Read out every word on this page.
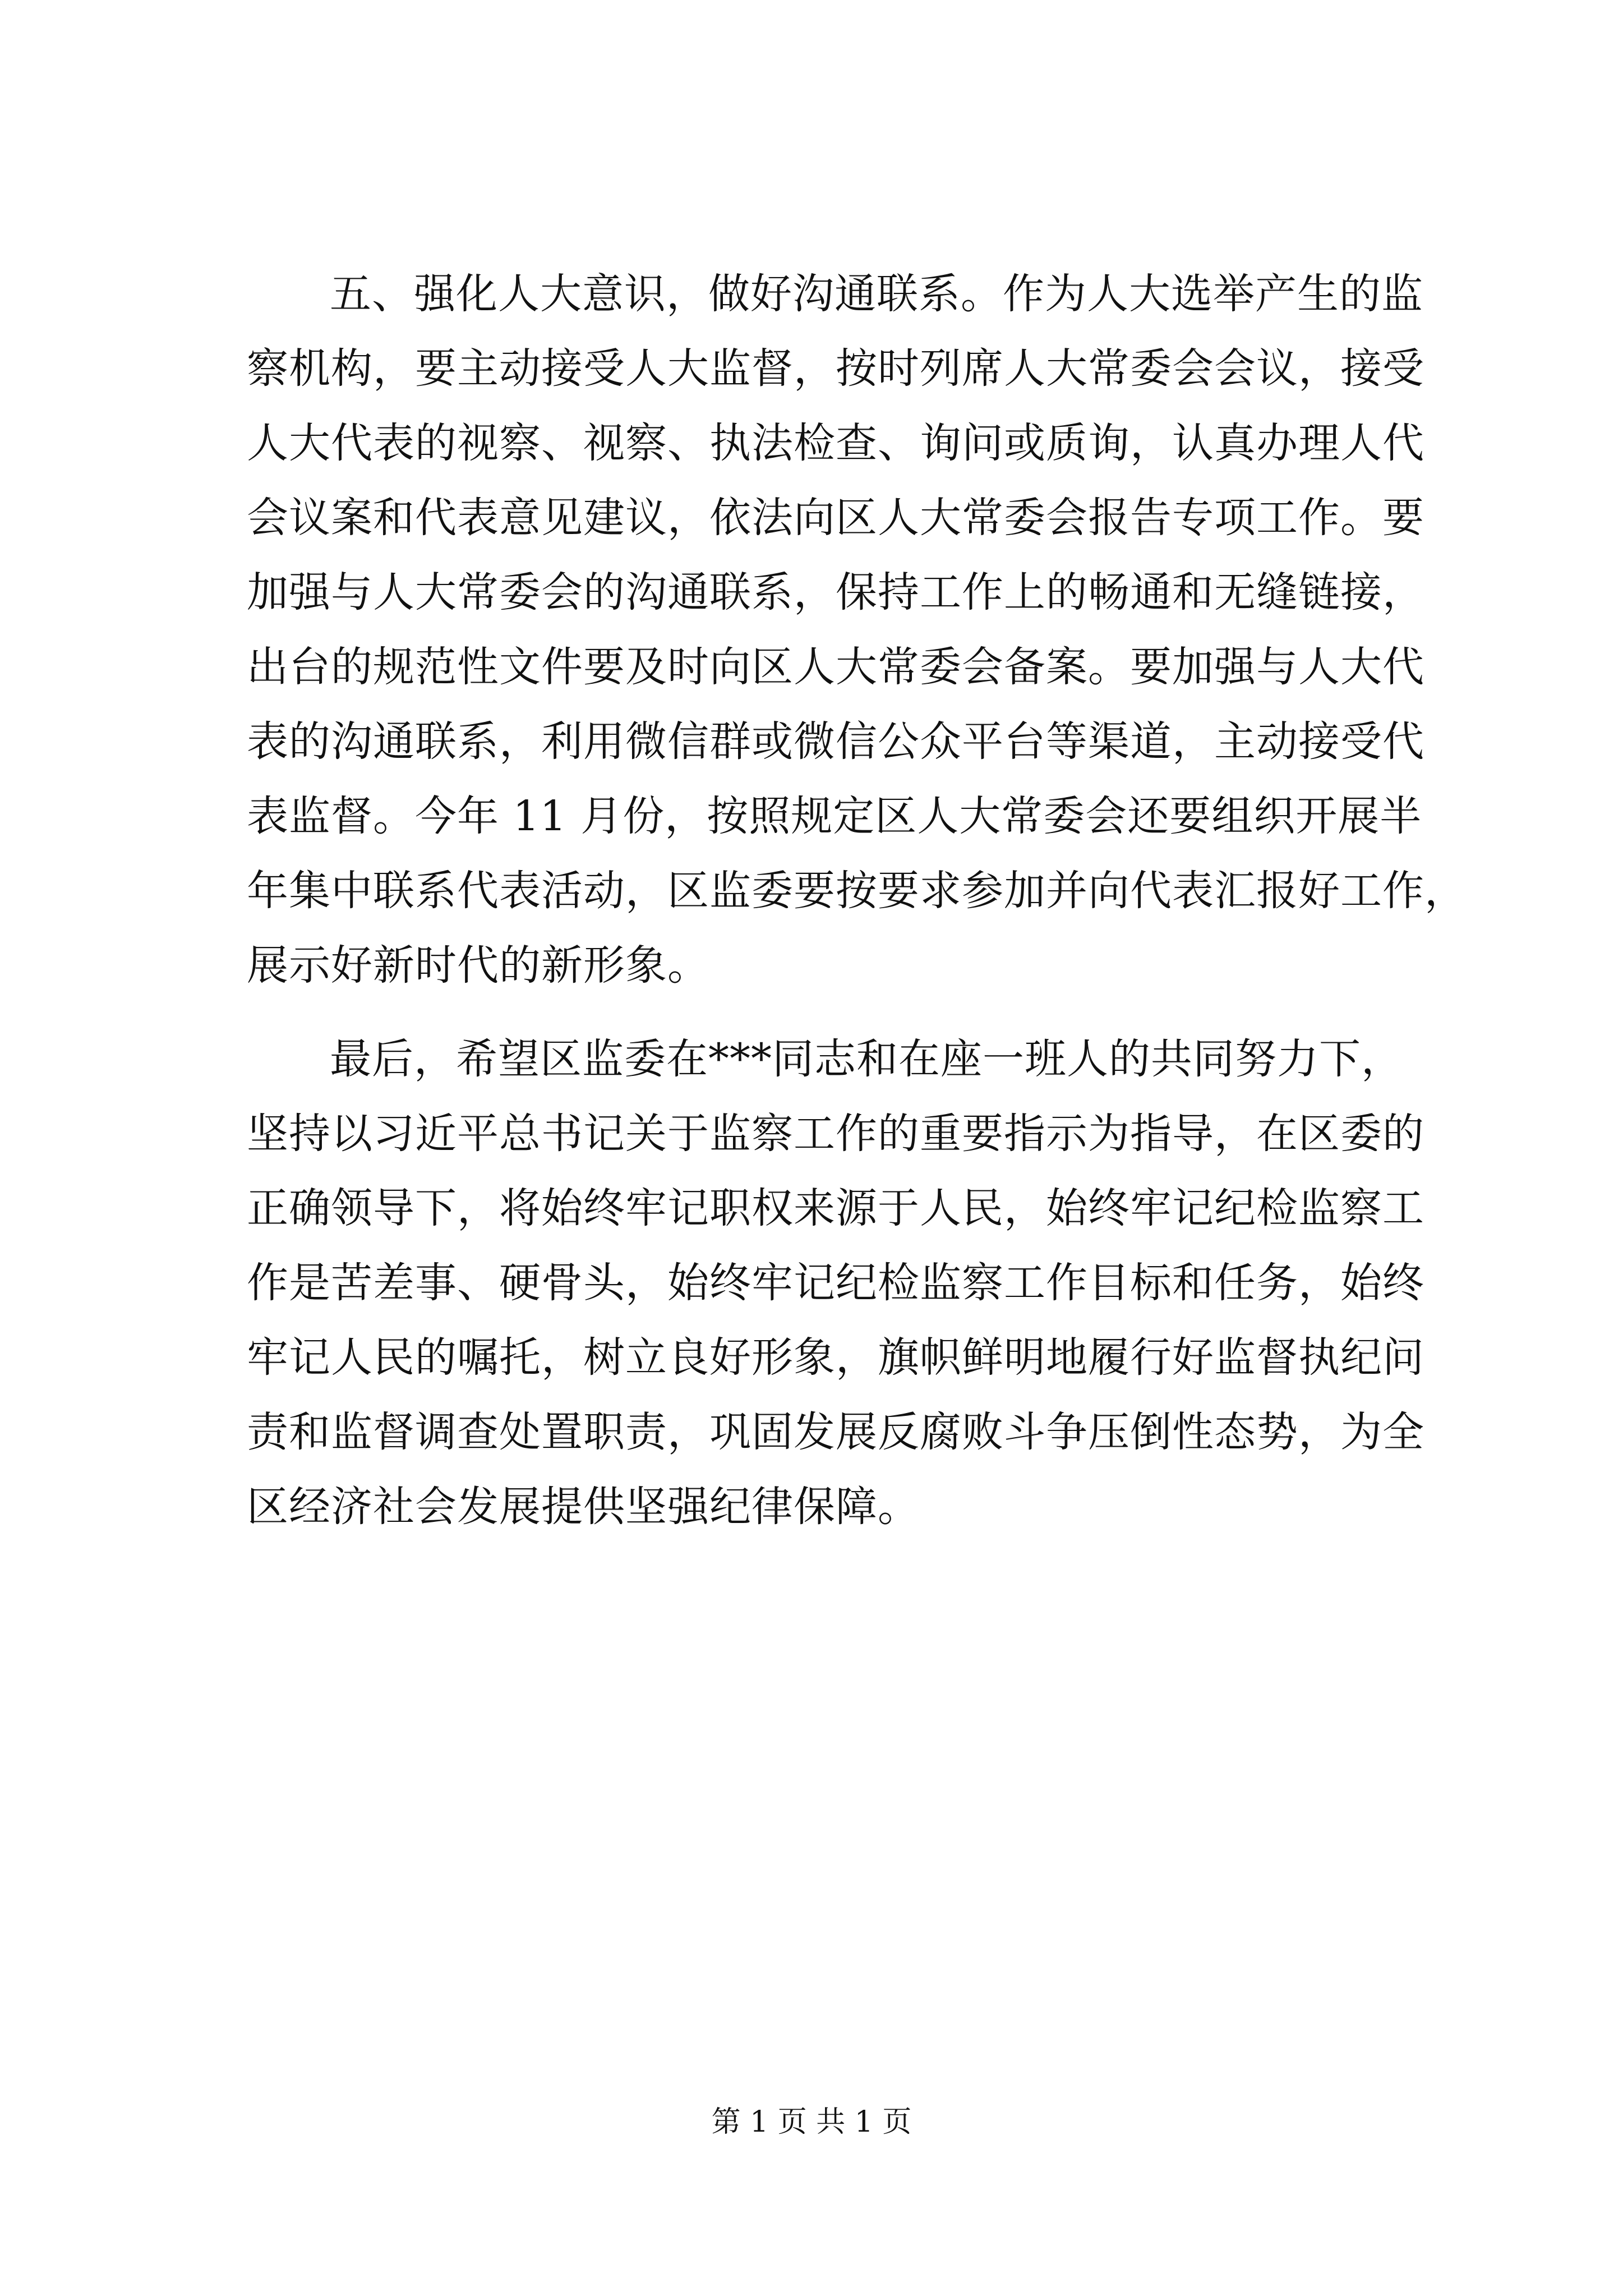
五、强化人大意识，做好沟通联系。作为人大选举产生的监
察机构，要主动接受人大监督，按时列席人大常委会会议，接受
人大代表的视察、视察、执法检查、询问或质询，认真办理人代
会议案和代表意见建议，依法向区人大常委会报告专项工作。要
加强与人大常委会的沟通联系，保持工作上的畅通和无缝链接，
出台的规范性文件要及时向区人大常委会备案。要加强与人大代
表的沟通联系，利用微信群或微信公众平台等渠道，主动接受代
表监督。今年 11 月份，按照规定区人大常委会还要组织开展半
年集中联系代表活动，区监委要按要求参加并向代表汇报好工作，
展示好新时代的新形象。
最后，希望区监委在***同志和在座一班人的共同努力下，
坚持以习近平总书记关于监察工作的重要指示为指导，在区委的
正确领导下，将始终牢记职权来源于人民，始终牢记纪检监察工
作是苦差事、硬骨头，始终牢记纪检监察工作目标和任务，始终
牢记人民的嘱托，树立良好形象，旗帜鲜明地履行好监督执纪问
责和监督调查处置职责，巩固发展反腐败斗争压倒性态势，为全
区经济社会发展提供坚强纪律保障。
第 1 页 共 1 页
